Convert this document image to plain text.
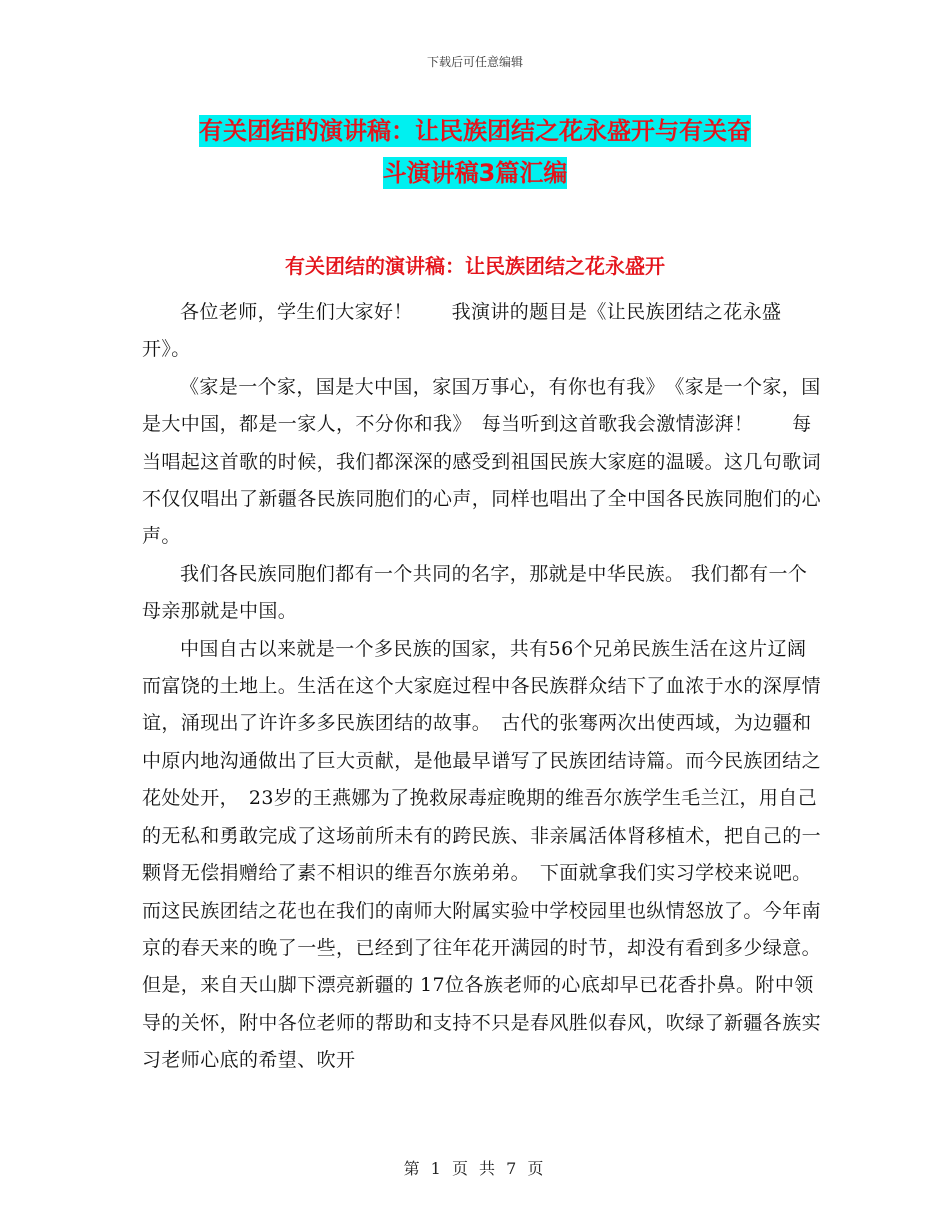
下载后可任意编辑
有关团结的演讲稿：让民族团结之花永盛开与有关奋
斗演讲稿3篇汇编
有关团结的演讲稿：让民族团结之花永盛开

各位老师，学生们大家好！　　我演讲的题目是《让民族团结之花永盛开》。

《家是一个家，国是大中国，家国万事心，有你也有我》　《家是一个家，国是大中国，都是一家人，不分你和我》　每当听到这首歌我会激情澎湃！　　每当唱起这首歌的时候，我们都深深的感受到祖国民族大家庭的温暖。这几句歌词不仅仅唱出了新疆各民族同胞们的心声，同样也唱出了全中国各民族同胞们的心声。

我们各民族同胞们都有一个共同的名字，那就是中华民族。 我们都有一个母亲那就是中国。

中国自古以来就是一个多民族的国家，共有56个兄弟民族生活在这片辽阔而富饶的土地上。生活在这个大家庭过程中各民族群众结下了血浓于水的深厚情谊，涌现出了许许多多民族团结的故事。　古代的张骞两次出使西域，为边疆和中原内地沟通做出了巨大贡献，是他最早谱写了民族团结诗篇。而今民族团结之花处处开，　23岁的王燕娜为了挽救尿毒症晚期的维吾尔族学生毛兰江，用自己的无私和勇敢完成了这场前所未有的跨民族、非亲属活体肾移植术，把自己的一颗肾无偿捐赠给了素不相识的维吾尔族弟弟。　下面就拿我们实习学校来说吧。而这民族团结之花也在我们的南师大附属实验中学校园里也纵情怒放了。今年南京的春天来的晚了一些，已经到了往年花开满园的时节，却没有看到多少绿意。但是，来自天山脚下漂亮新疆的 17位各族老师的心底却早已花香扑鼻。附中领导的关怀，附中各位老师的帮助和支持不只是春风胜似春风，吹绿了新疆各族实习老师心底的希望、吹开

第 1 页 共 7 页
